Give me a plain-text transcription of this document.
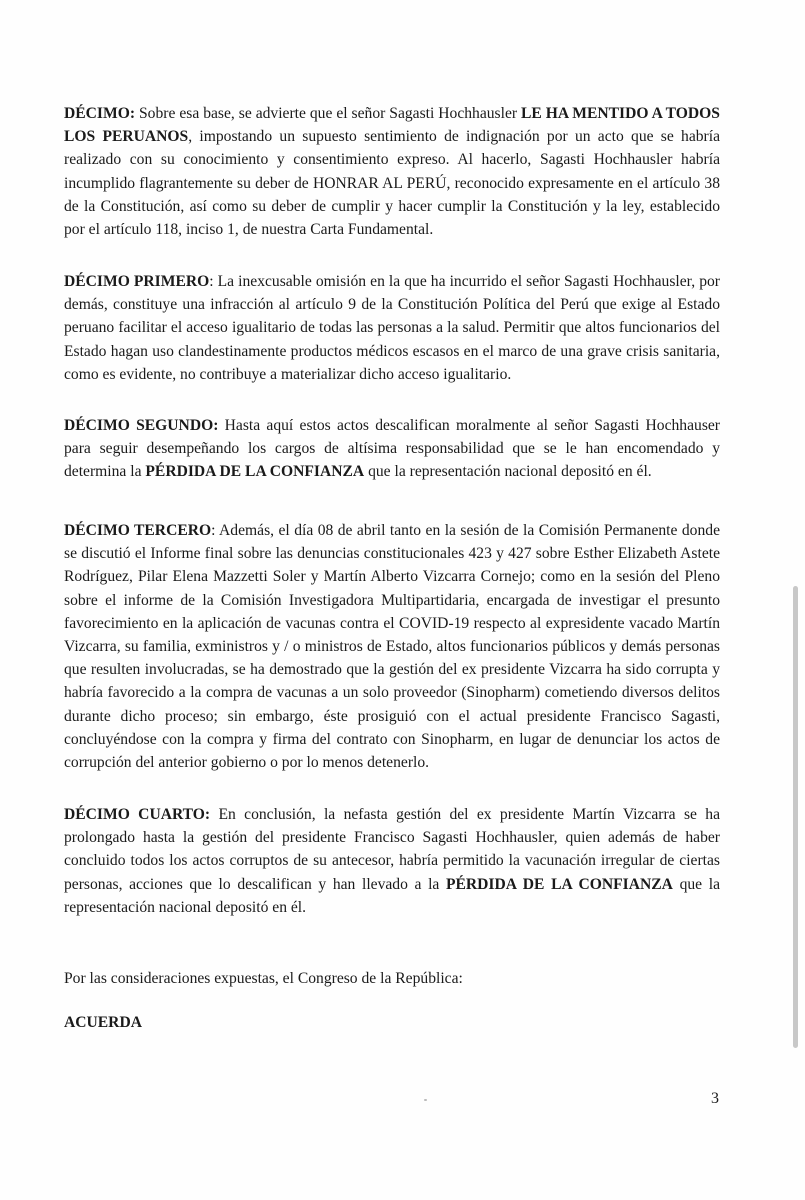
DÉCIMO: Sobre esa base, se advierte que el señor Sagasti Hochhausler LE HA MENTIDO A TODOS LOS PERUANOS, impostando un supuesto sentimiento de indignación por un acto que se habría realizado con su conocimiento y consentimiento expreso. Al hacerlo, Sagasti Hochhausler habría incumplido flagrantemente su deber de HONRAR AL PERÚ, reconocido expresamente en el artículo 38 de la Constitución, así como su deber de cumplir y hacer cumplir la Constitución y la ley, establecido por el artículo 118, inciso 1, de nuestra Carta Fundamental.

DÉCIMO PRIMERO: La inexcusable omisión en la que ha incurrido el señor Sagasti Hochhausler, por demás, constituye una infracción al artículo 9 de la Constitución Política del Perú que exige al Estado peruano facilitar el acceso igualitario de todas las personas a la salud. Permitir que altos funcionarios del Estado hagan uso clandestinamente productos médicos escasos en el marco de una grave crisis sanitaria, como es evidente, no contribuye a materializar dicho acceso igualitario.

DÉCIMO SEGUNDO: Hasta aquí estos actos descalifican moralmente al señor Sagasti Hochhauser para seguir desempeñando los cargos de altísima responsabilidad que se le han encomendado y determina la PÉRDIDA DE LA CONFIANZA que la representación nacional depositó en él.

DÉCIMO TERCERO: Además, el día 08 de abril tanto en la sesión de la Comisión Permanente donde se discutió el Informe final sobre las denuncias constitucionales 423 y 427 sobre Esther Elizabeth Astete Rodríguez, Pilar Elena Mazzetti Soler y Martín Alberto Vizcarra Cornejo; como en la sesión del Pleno sobre el informe de la Comisión Investigadora Multipartidaria, encargada de investigar el presunto favorecimiento en la aplicación de vacunas contra el COVID-19 respecto al expresidente vacado Martín Vizcarra, su familia, exministros y / o ministros de Estado, altos funcionarios públicos y demás personas que resulten involucradas, se ha demostrado que la gestión del ex presidente Vizcarra ha sido corrupta y habría favorecido a la compra de vacunas a un solo proveedor (Sinopharm) cometiendo diversos delitos durante dicho proceso; sin embargo, éste prosiguió con el actual presidente Francisco Sagasti, concluyéndose con la compra y firma del contrato con Sinopharm, en lugar de denunciar los actos de corrupción del anterior gobierno o por lo menos detenerlo.

DÉCIMO CUARTO: En conclusión, la nefasta gestión del ex presidente Martín Vizcarra se ha prolongado hasta la gestión del presidente Francisco Sagasti Hochhausler, quien además de haber concluido todos los actos corruptos de su antecesor, habría permitido la vacunación irregular de ciertas personas, acciones que lo descalifican y han llevado a la PÉRDIDA DE LA CONFIANZA que la representación nacional depositó en él.

Por las consideraciones expuestas, el Congreso de la República:
ACUERDA
3
